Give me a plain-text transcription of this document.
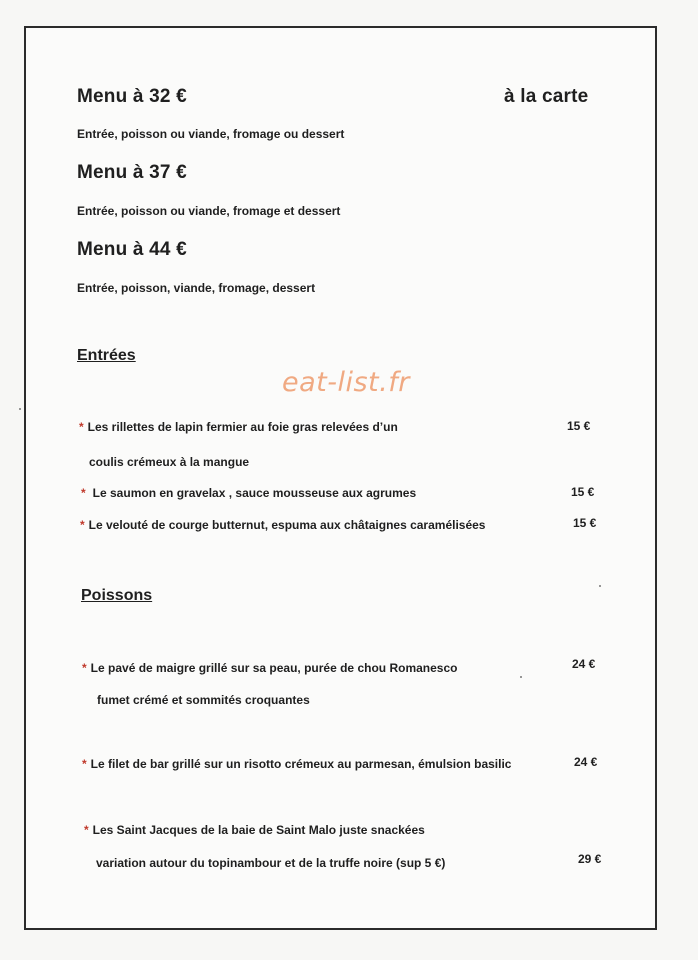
Menu à 32 €	à la carte
Entrée, poisson ou viande, fromage ou dessert
Menu à 37 €
Entrée, poisson ou viande, fromage et dessert
Menu à 44 €
Entrée, poisson, viande, fromage, dessert
Entrées
eat-list.fr
* Les rillettes de lapin fermier au foie gras relevées d’un	15 €
coulis crémeux à la mangue
* Le saumon en gravelax , sauce mousseuse aux agrumes	15 €
* Le velouté de courge butternut, espuma aux châtaignes caramélisées	15 €
Poissons
* Le pavé de maigre grillé sur sa peau, purée de chou Romanesco	24 €
fumet crémé et sommités croquantes
* Le filet de bar grillé sur un risotto crémeux au parmesan, émulsion basilic	24 €
* Les Saint Jacques de la baie de Saint Malo juste snackées
variation autour du topinambour et de la truffe noire (sup 5 €)	29 €
